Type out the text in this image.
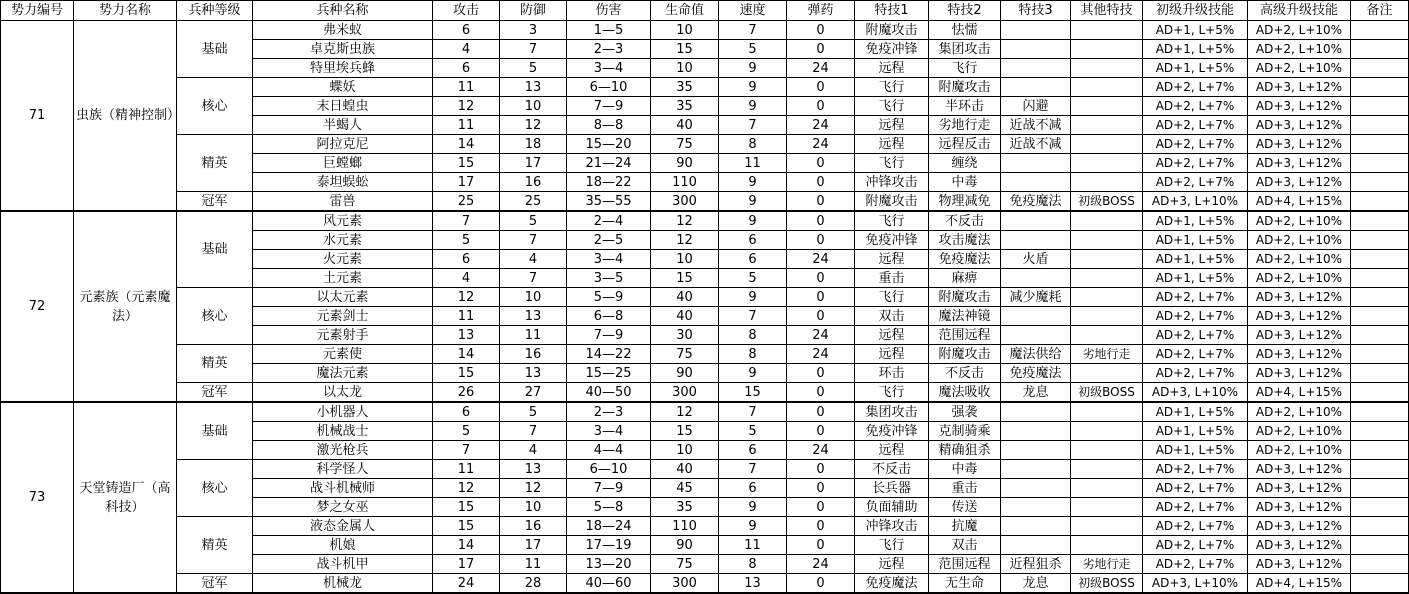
势力编号	势力名称	兵种等级	兵种名称	攻击	防御	伤害	生命值	速度	弹药	特技1	特技2	特技3	其他特技	初级升级技能	高级升级技能	备注
71	虫族（精神控制）	基础	弗米蚁	6	3	1—5	10	7	0	附魔攻击	怯懦			AD+1, L+5%	AD+2, L+10%	
			卓克斯虫族	4	7	2—3	15	5	0	免疫冲锋	集团攻击			AD+1, L+5%	AD+2, L+10%	
			特里埃兵蜂	6	5	3—4	10	9	24	远程	飞行			AD+1, L+5%	AD+2, L+10%	
		核心	蝶妖	11	13	6—10	35	9	0	飞行	附魔攻击			AD+2, L+7%	AD+3, L+12%	
			末日蝗虫	12	10	7—9	35	9	0	飞行	半环击	闪避		AD+2, L+7%	AD+3, L+12%	
			半蝎人	11	12	8—8	40	7	24	远程	劣地行走	近战不减		AD+2, L+7%	AD+3, L+12%	
		精英	阿拉克尼	14	18	15—20	75	8	24	远程	远程反击	近战不减		AD+2, L+7%	AD+3, L+12%	
			巨螳螂	15	17	21—24	90	11	0	飞行	缠绕			AD+2, L+7%	AD+3, L+12%	
			泰坦蜈蚣	17	16	18—22	110	9	0	冲锋攻击	中毒			AD+2, L+7%	AD+3, L+12%	
		冠军	雷兽	25	25	35—55	300	9	0	附魔攻击	物理减免	免疫魔法	初级BOSS	AD+3, L+10%	AD+4, L+15%	
72	元素族（元素魔法）	基础	风元素	7	5	2—4	12	9	0	飞行	不反击			AD+1, L+5%	AD+2, L+10%	
			水元素	5	7	2—5	12	6	0	免疫冲锋	攻击魔法			AD+1, L+5%	AD+2, L+10%	
			火元素	6	4	3—4	10	6	24	远程	免疫魔法	火盾		AD+1, L+5%	AD+2, L+10%	
			土元素	4	7	3—5	15	5	0	重击	麻痹			AD+1, L+5%	AD+2, L+10%	
		核心	以太元素	12	10	5—9	40	9	0	飞行	附魔攻击	减少魔耗		AD+2, L+7%	AD+3, L+12%	
			元素剑士	11	13	6—8	40	7	0	双击	魔法神镜			AD+2, L+7%	AD+3, L+12%	
			元素射手	13	11	7—9	30	8	24	远程	范围远程			AD+2, L+7%	AD+3, L+12%	
		精英	元素使	14	16	14—22	75	8	24	远程	附魔攻击	魔法供给	劣地行走	AD+2, L+7%	AD+3, L+12%	
			魔法元素	15	13	15—25	90	9	0	环击	不反击	免疫魔法		AD+2, L+7%	AD+3, L+12%	
		冠军	以太龙	26	27	40—50	300	15	0	飞行	魔法吸收	龙息	初级BOSS	AD+3, L+10%	AD+4, L+15%	
73	天堂铸造厂（高科技）	基础	小机器人	6	5	2—3	12	7	0	集团攻击	强袭			AD+1, L+5%	AD+2, L+10%	
			机械战士	5	7	3—4	15	5	0	免疫冲锋	克制骑乘			AD+1, L+5%	AD+2, L+10%	
			激光枪兵	7	4	4—4	10	6	24	远程	精确狙杀			AD+1, L+5%	AD+2, L+10%	
		核心	科学怪人	11	13	6—10	40	7	0	不反击	中毒			AD+2, L+7%	AD+3, L+12%	
			战斗机械师	12	12	7—9	45	6	0	长兵器	重击			AD+2, L+7%	AD+3, L+12%	
			梦之女巫	15	10	5—8	35	9	0	负面辅助	传送			AD+2, L+7%	AD+3, L+12%	
		精英	液态金属人	15	16	18—24	110	9	0	冲锋攻击	抗魔			AD+2, L+7%	AD+3, L+12%	
			机娘	14	17	17—19	90	11	0	飞行	双击			AD+2, L+7%	AD+3, L+12%	
			战斗机甲	17	11	13—20	75	8	24	远程	范围远程	近程狙杀	劣地行走	AD+2, L+7%	AD+3, L+12%	
		冠军	机械龙	24	28	40—60	300	13	0	免疫魔法	无生命	龙息	初级BOSS	AD+3, L+10%	AD+4, L+15%	
